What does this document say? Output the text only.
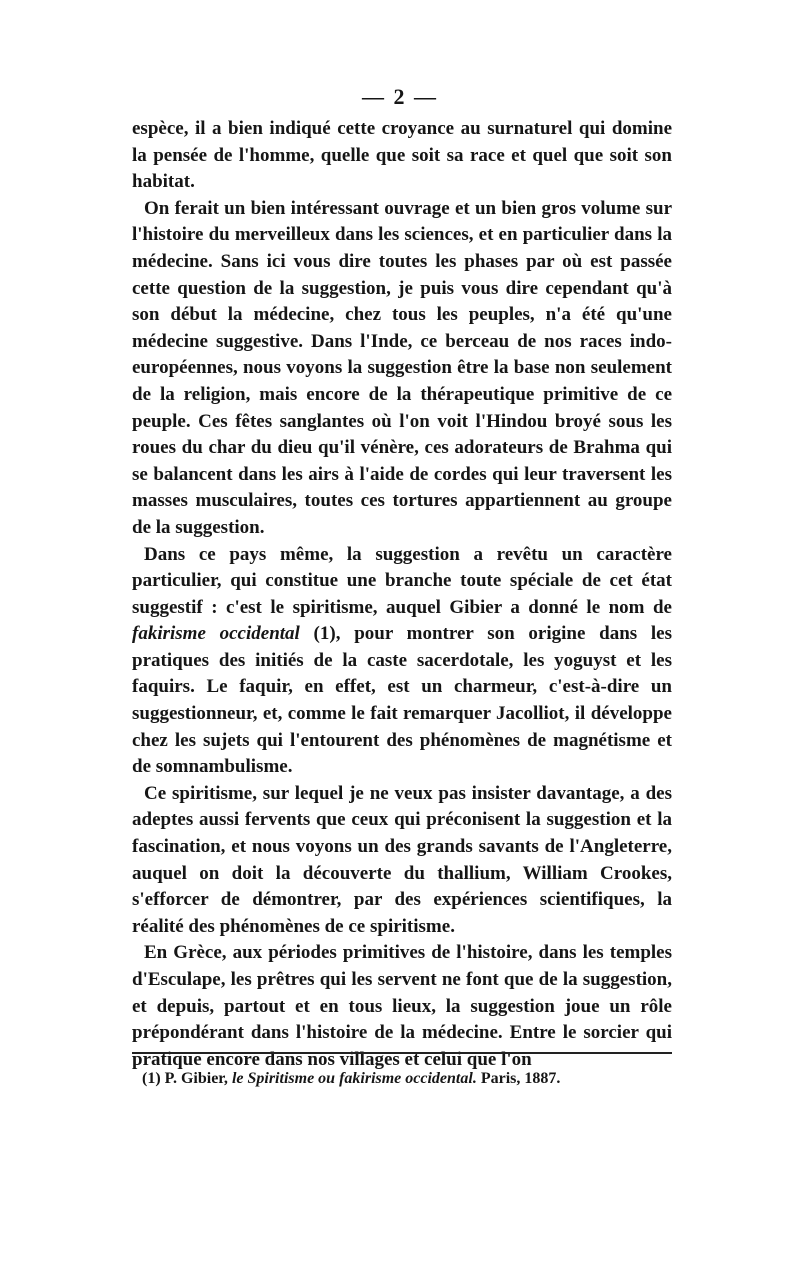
— 2 —

espèce, il a bien indiqué cette croyance au surnaturel qui domine la pensée de l'homme, quelle que soit sa race et quel que soit son habitat.

On ferait un bien intéressant ouvrage et un bien gros volume sur l'histoire du merveilleux dans les sciences, et en particulier dans la médecine. Sans ici vous dire toutes les phases par où est passée cette question de la suggestion, je puis vous dire cependant qu'à son début la médecine, chez tous les peuples, n'a été qu'une médecine suggestive. Dans l'Inde, ce berceau de nos races indo-européennes, nous voyons la suggestion être la base non seulement de la religion, mais encore de la thérapeutique primitive de ce peuple. Ces fêtes sanglantes où l'on voit l'Hindou broyé sous les roues du char du dieu qu'il vénère, ces adorateurs de Brahma qui se balancent dans les airs à l'aide de cordes qui leur traversent les masses musculaires, toutes ces tortures appartiennent au groupe de la suggestion.

Dans ce pays même, la suggestion a revêtu un caractère particulier, qui constitue une branche toute spéciale de cet état suggestif : c'est le spiritisme, auquel Gibier a donné le nom de fakirisme occidental (1), pour montrer son origine dans les pratiques des initiés de la caste sacerdotale, les yoguyst et les faquirs. Le faquir, en effet, est un charmeur, c'est-à-dire un suggestionneur, et, comme le fait remarquer Jacolliot, il développe chez les sujets qui l'entourent des phénomènes de magnétisme et de somnambulisme.

Ce spiritisme, sur lequel je ne veux pas insister davantage, a des adeptes aussi fervents que ceux qui préconisent la suggestion et la fascination, et nous voyons un des grands savants de l'Angleterre, auquel on doit la découverte du thallium, William Crookes, s'efforcer de démontrer, par des expériences scientifiques, la réalité des phénomènes de ce spiritisme.

En Grèce, aux périodes primitives de l'histoire, dans les temples d'Esculape, les prêtres qui les servent ne font que de la suggestion, et depuis, partout et en tous lieux, la suggestion joue un rôle prépondérant dans l'histoire de la médecine. Entre le sorcier qui pratique encore dans nos villages et celui que l'on

(1) P. Gibier, le Spiritisme ou fakirisme occidental. Paris, 1887.
